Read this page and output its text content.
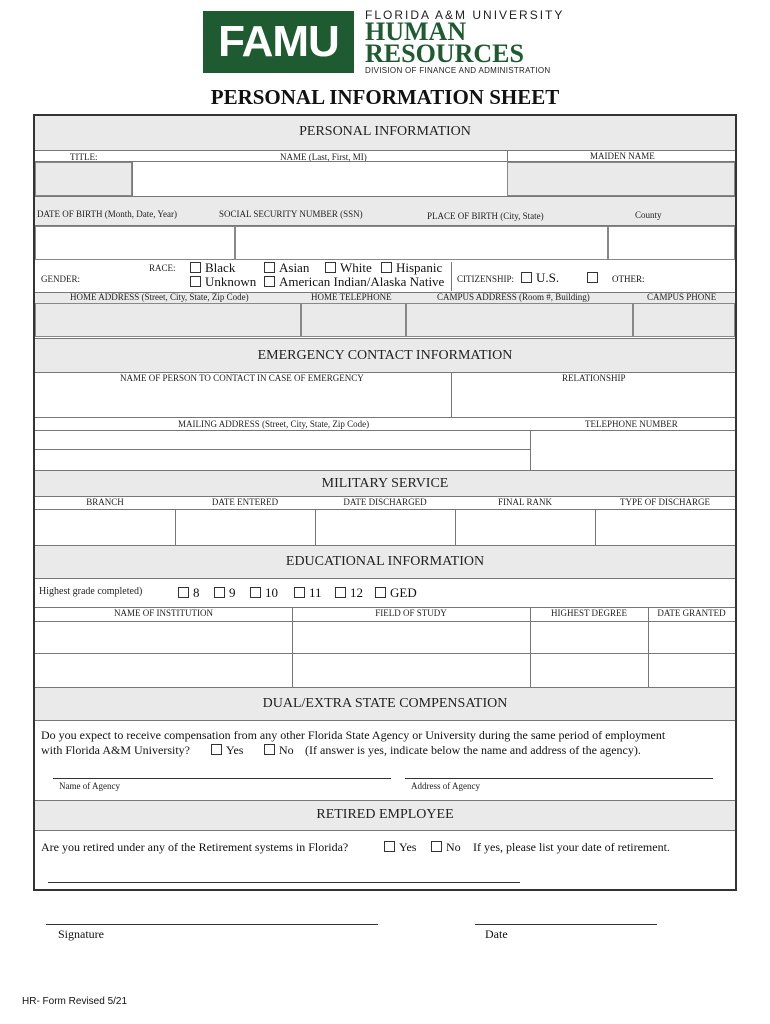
FAMU
FLORIDA A&M UNIVERSITY
HUMAN
RESOURCES
DIVISION OF FINANCE AND ADMINISTRATION
PERSONAL INFORMATION SHEET
PERSONAL INFORMATION
TITLE:	NAME (Last, First, MI)	MAIDEN NAME
DATE OF BIRTH (Month, Date, Year)	SOCIAL SECURITY NUMBER (SSN)	PLACE OF BIRTH (City, State)	County
GENDER:
RACE:	Black	Asian	White	Hispanic
Unknown	American Indian/Alaska Native CITIZENSHIP:	U.S.	OTHER:
HOME ADDRESS (Street, City, State, Zip Code)	HOME TELEPHONE	CAMPUS ADDRESS (Room #, Building)	CAMPUS PHONE
EMERGENCY CONTACT INFORMATION
NAME OF PERSON TO CONTACT IN CASE OF EMERGENCY	RELATIONSHIP
MAILING ADDRESS (Street, City, State, Zip Code)	TELEPHONE NUMBER
MILITARY SERVICE
BRANCH	DATE ENTERED	DATE DISCHARGED	FINAL RANK	TYPE OF DISCHARGE
EDUCATIONAL INFORMATION
Highest grade completed)	8	9	10	11	12	GED
NAME OF INSTITUTION	FIELD OF STUDY	HIGHEST DEGREE	DATE GRANTED
DUAL/EXTRA STATE COMPENSATION
Do you expect to receive compensation from any other Florida State Agency or University during the same period of employment
with Florida A&M University?	Yes	No (If answer is yes, indicate below the name and address of the agency).
Name of Agency	Address of Agency
RETIRED EMPLOYEE
Are you retired under any of the Retirement systems in Florida?	Yes	No If yes, please list your date of retirement.
Signature	Date
HR- Form Revised 5/21
